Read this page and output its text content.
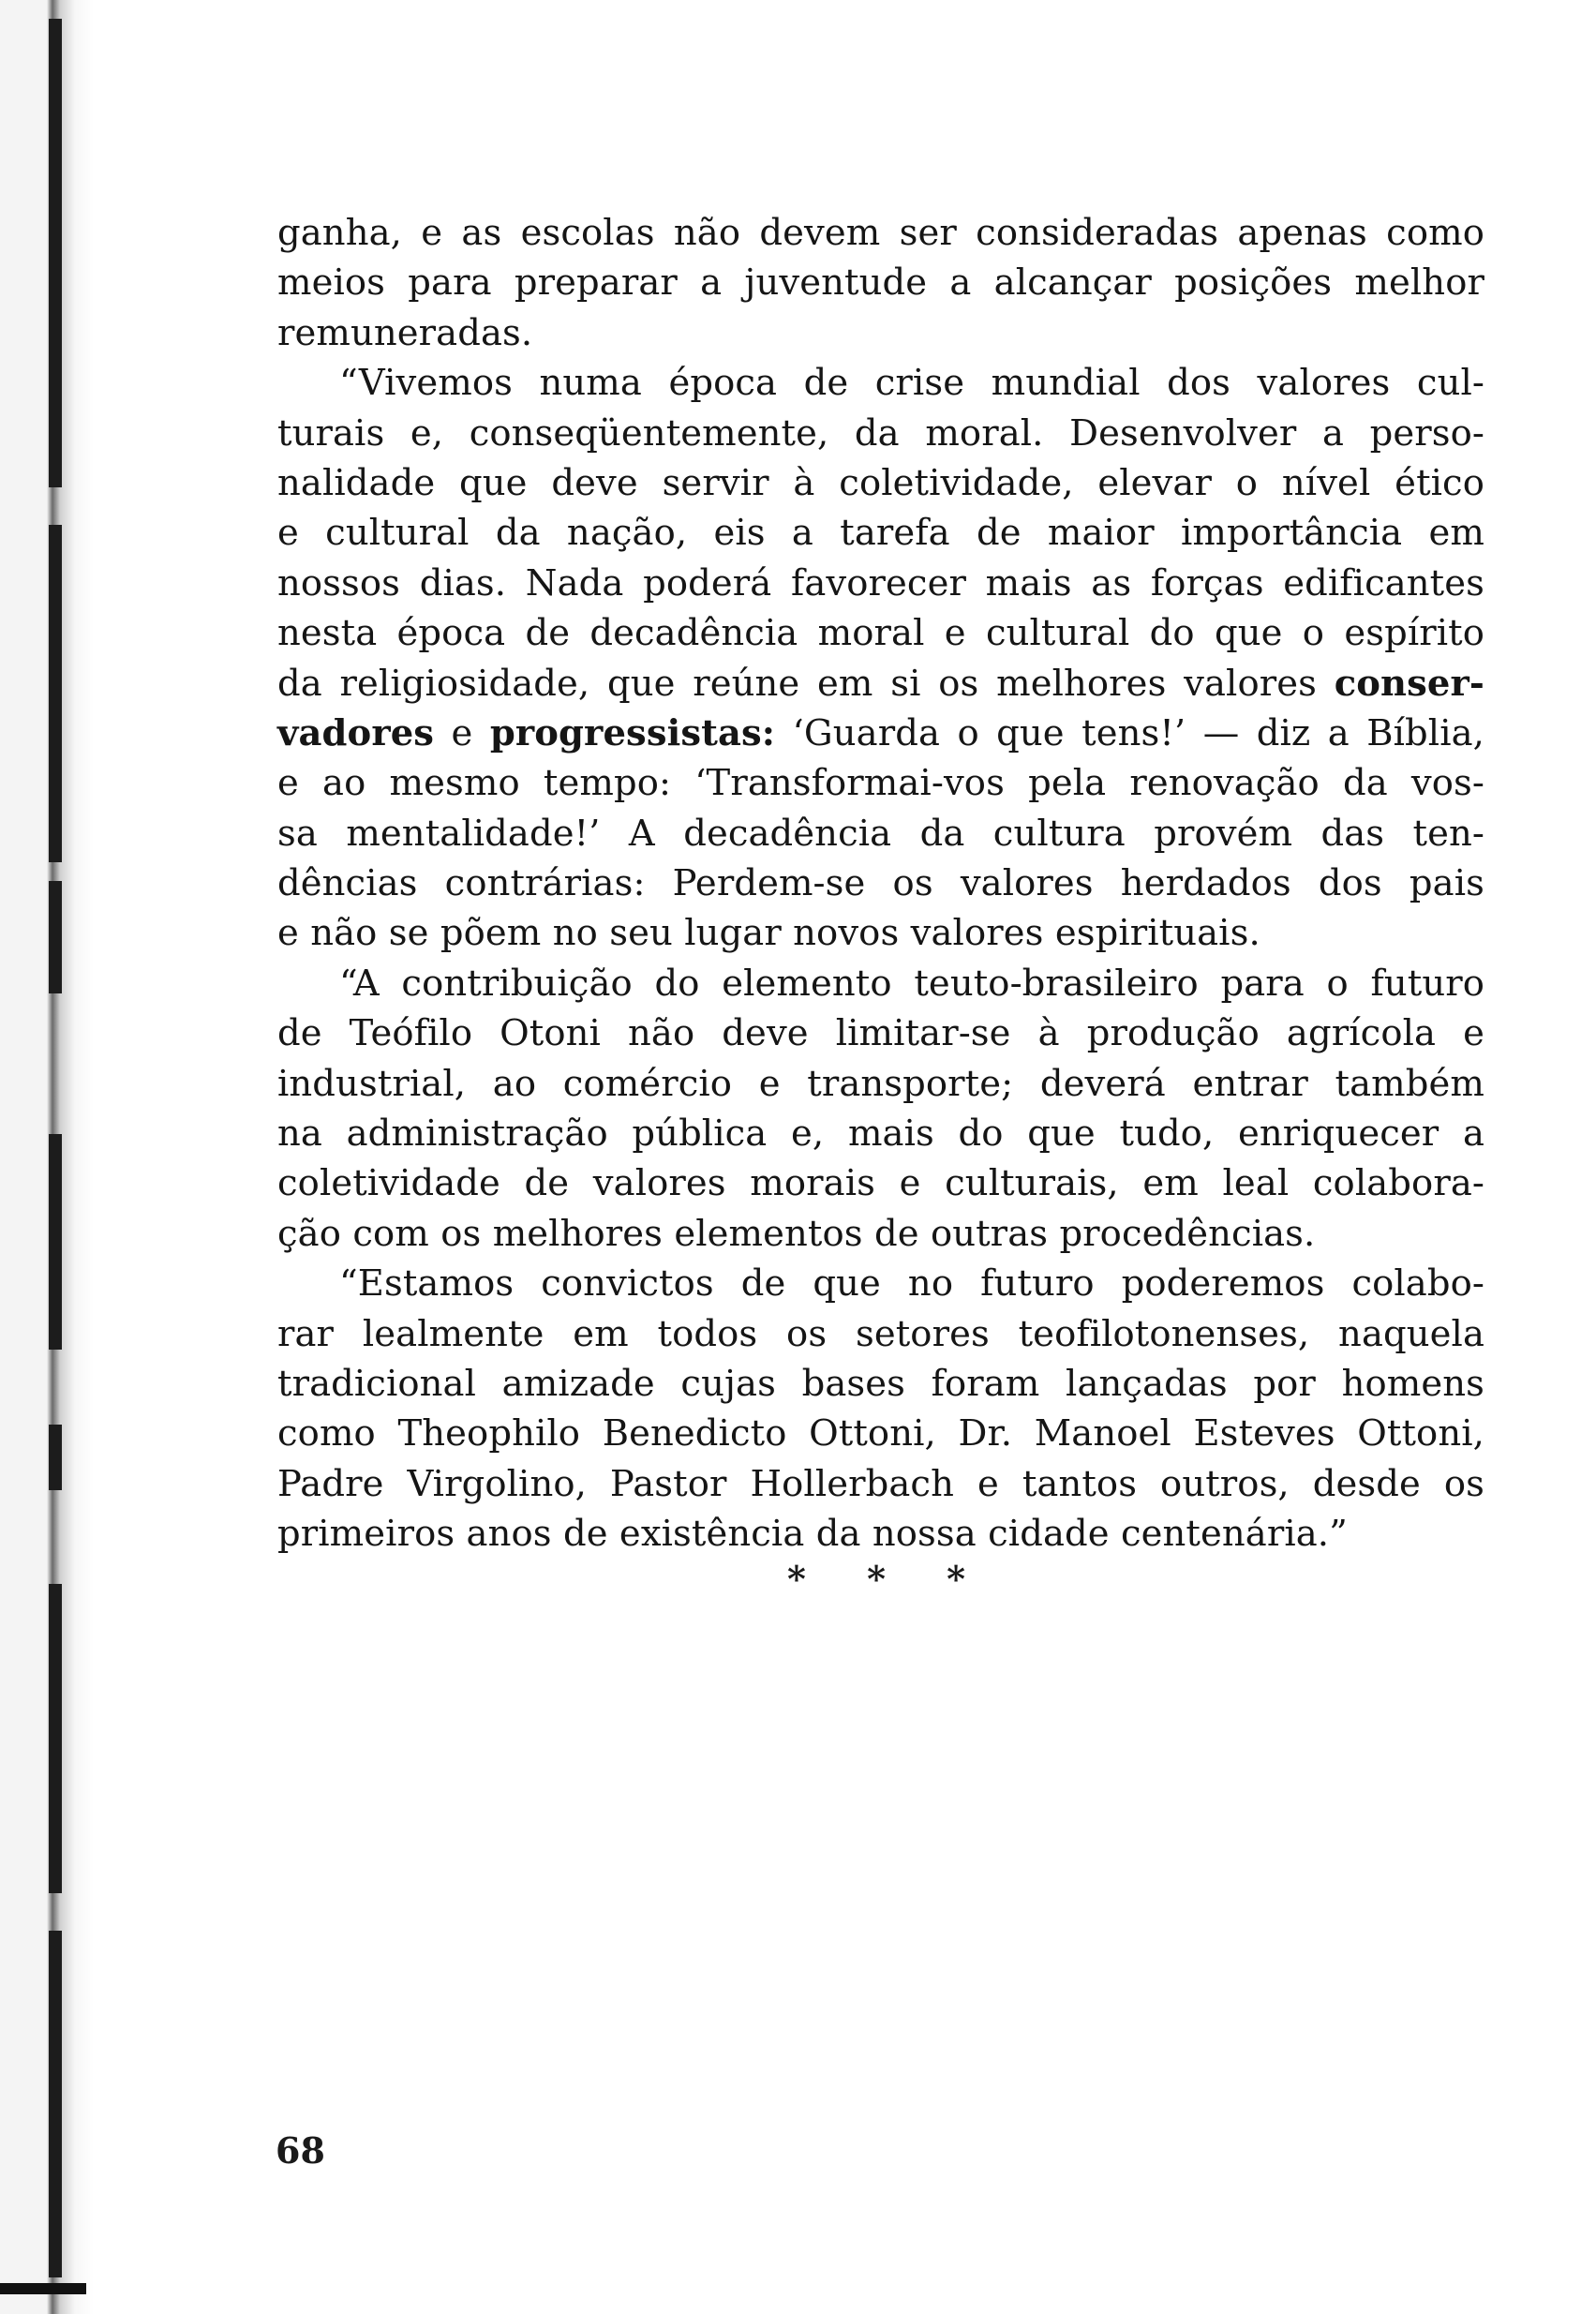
ganha, e as escolas não devem ser consideradas apenas como
meios para preparar a juventude a alcançar posições melhor
remuneradas.
“Vivemos numa época de crise mundial dos valores cul-
turais e, conseqüentemente, da moral. Desenvolver a perso-
nalidade que deve servir à coletividade, elevar o nível ético
e cultural da nação, eis a tarefa de maior importância em
nossos dias. Nada poderá favorecer mais as forças edificantes
nesta época de decadência moral e cultural do que o espírito
da religiosidade, que reúne em si os melhores valores conser-
vadores e progressistas: ‘Guarda o que tens!’ — diz a Bíblia,
e ao mesmo tempo: ‘Transformai-vos pela renovação da vos-
sa mentalidade!’ A decadência da cultura provém das ten-
dências contrárias: Perdem-se os valores herdados dos pais
e não se põem no seu lugar novos valores espirituais.
“A contribuição do elemento teuto-brasileiro para o futuro
de Teófilo Otoni não deve limitar-se à produção agrícola e
industrial, ao comércio e transporte; deverá entrar também
na administração pública e, mais do que tudo, enriquecer a
coletividade de valores morais e culturais, em leal colabora-
ção com os melhores elementos de outras procedências.
“Estamos convictos de que no futuro poderemos colabo-
rar lealmente em todos os setores teofilotonenses, naquela
tradicional amizade cujas bases foram lançadas por homens
como Theophilo Benedicto Ottoni, Dr. Manoel Esteves Ottoni,
Padre Virgolino, Pastor Hollerbach e tantos outros, desde os
primeiros anos de existência da nossa cidade centenária.”
* * *
68
